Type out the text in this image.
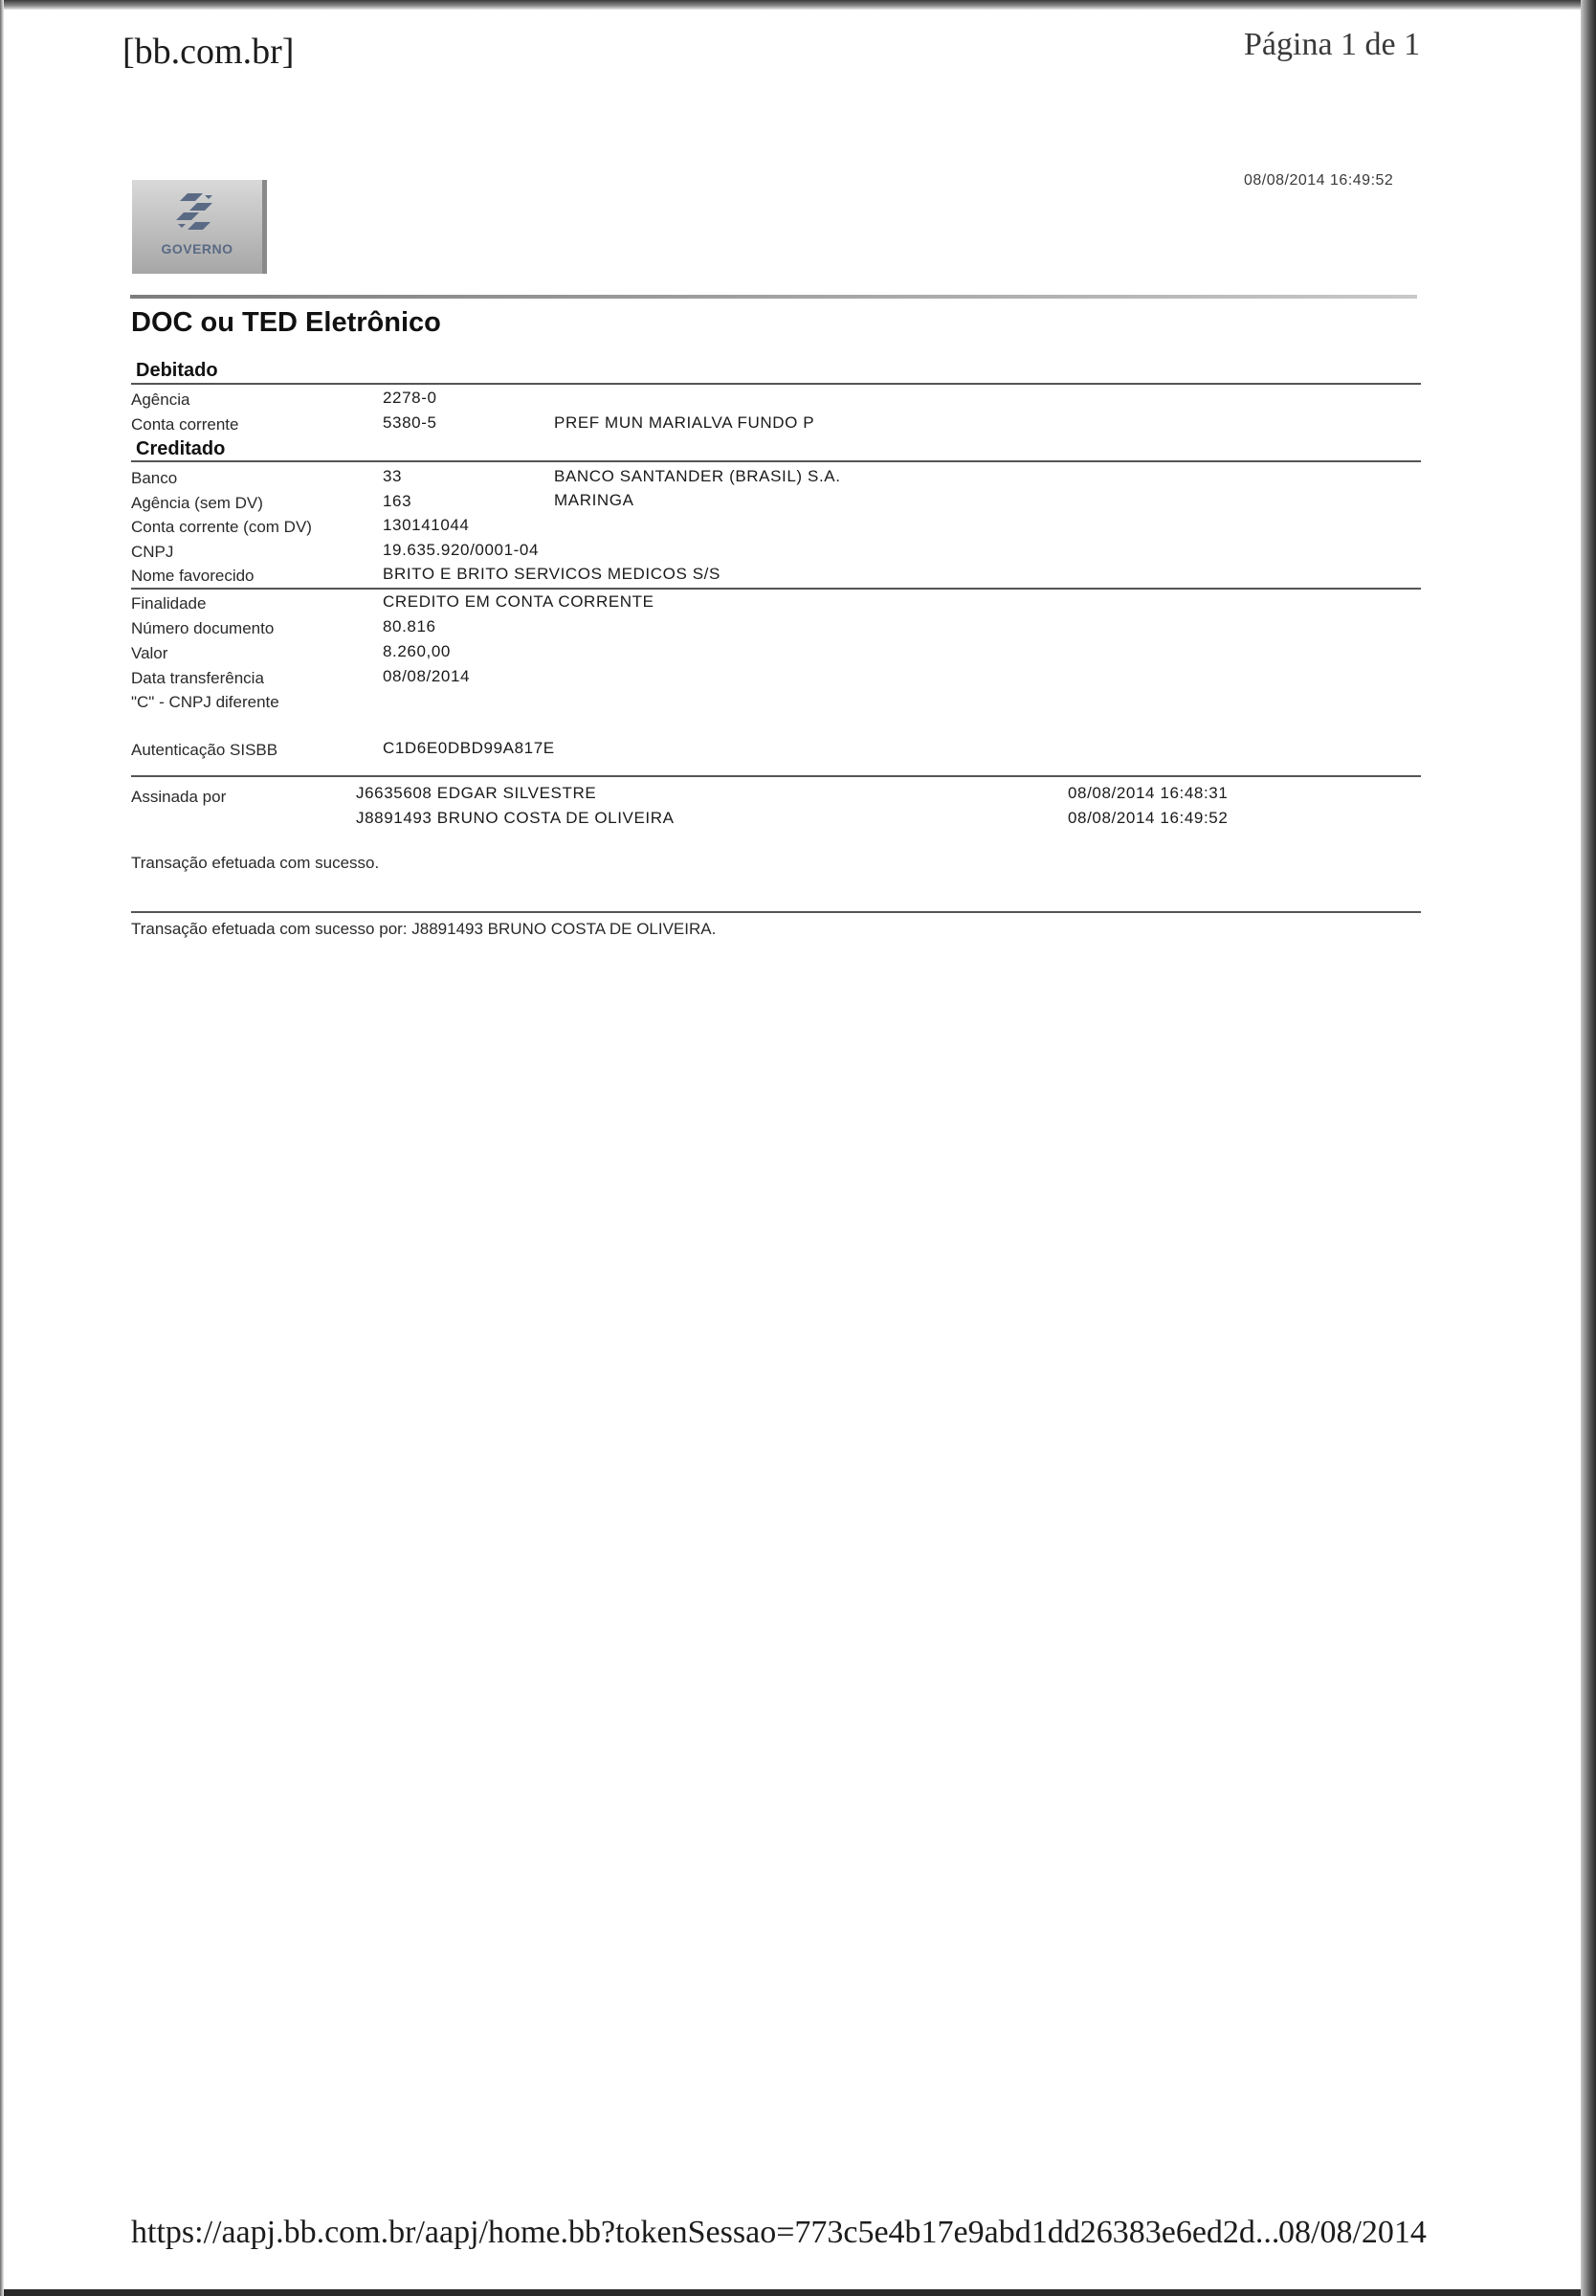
[bb.com.br]	Página 1 de 1
08/08/2014 16:49:52
GOVERNO
DOC ou TED Eletrônico
Debitado
Agência	2278-0
Conta corrente	5380-5	PREF MUN MARIALVA FUNDO P
Creditado
Banco	33	BANCO SANTANDER (BRASIL) S.A.
Agência (sem DV)	163	MARINGA
Conta corrente (com DV)	130141044
CNPJ	19.635.920/0001-04
Nome favorecido	BRITO E BRITO SERVICOS MEDICOS S/S
Finalidade	CREDITO EM CONTA CORRENTE
Número documento	80.816
Valor	8.260,00
Data transferência	08/08/2014
"C" - CNPJ diferente
Autenticação SISBB	C1D6E0DBD99A817E
Assinada por	J6635608 EDGAR SILVESTRE	08/08/2014 16:48:31
J8891493 BRUNO COSTA DE OLIVEIRA	08/08/2014 16:49:52
Transação efetuada com sucesso.
Transação efetuada com sucesso por: J8891493 BRUNO COSTA DE OLIVEIRA.
https://aapj.bb.com.br/aapj/home.bb?tokenSessao=773c5e4b17e9abd1dd26383e6ed2d...
08/08/2014
